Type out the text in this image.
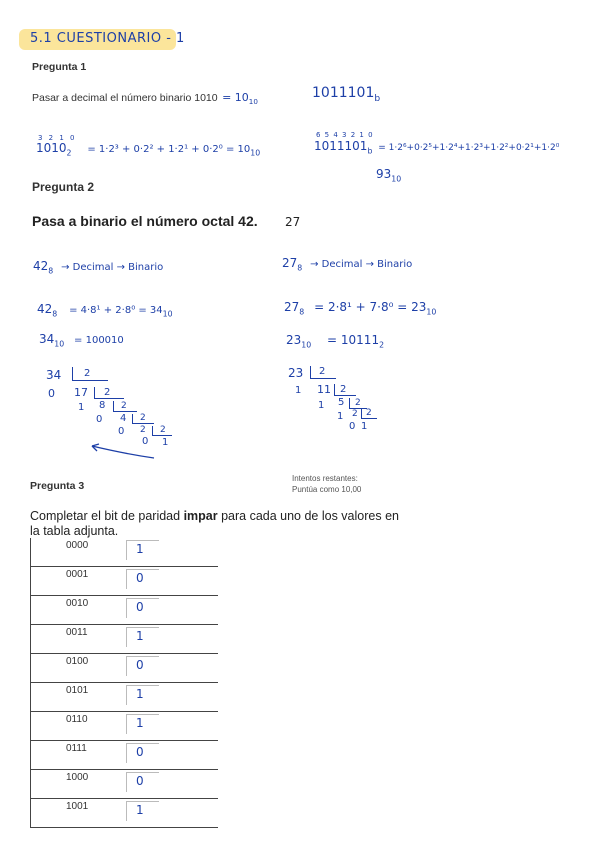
5.1 CUESTIONARIO - 1
Pregunta 1
Pasar a decimal el número binario $1010 = 10_{10}$
$1011101_b$
3 2 1 0
$1010_2 = 1\cdot 2^3 + 0\cdot 2^2 + 1\cdot 2^1 + 0\cdot 2^0 = 10_{10}$
6 5 4 3 2 1 0
$1011101_b = 1\cdot 2^6+0\cdot 2^5+1\cdot 2^4+1\cdot 2^3+1\cdot 2^2+0\cdot 2^1+1\cdot 2^0$
$93_{10}$
Pregunta 2
Pasa a binario el número octal 42. 27
$42_8$ → Decimal → Binario
$42_8 = 4\cdot 8^1 + 2\cdot 8^0 = 34_{10}$
$34_{10} = 100010$
34 2
0 17 2
1 8 2
0 4 2
0 2 2
0 1
$27_8$ → Decimal → Binario
$27_8 = 2\cdot 8^1 + 7\cdot 8^0 = 23_{10}$
$23_{10} = 10111_2$
23 2
1 11 2
1 5 2
1 2 2
0 1
Pregunta 3
Intentos restantes:
Puntúa como 10,00
Completar el bit de paridad impar para cada uno de los valores en
la tabla adjunta.
0000	1
0001	0
0010	0
0011	1
0100	0
0101	1
0110	1
0111	0
1000	0
1001	1
